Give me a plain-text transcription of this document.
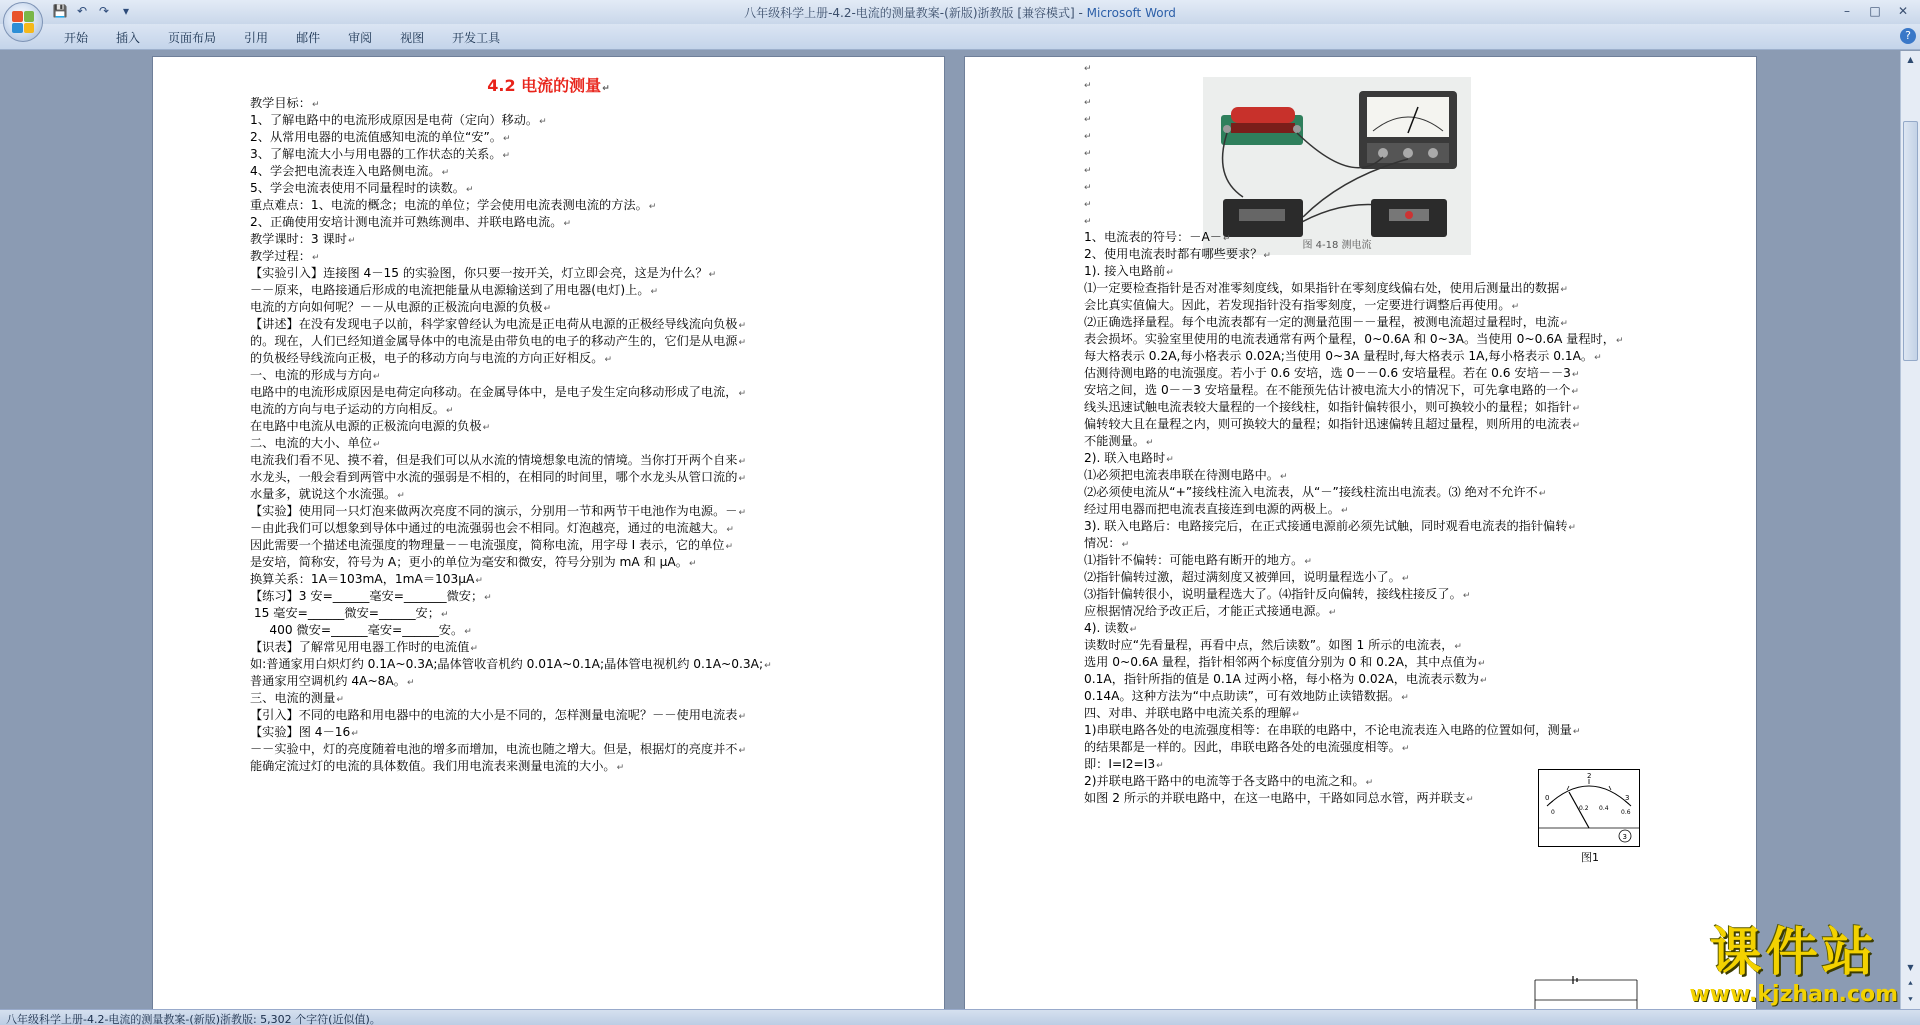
💾 ↶ ↷	▾	八年级科学上册-4.2-电流的测量教案-(新版)浙教版 [兼容模式] - Microsoft Word	–	□	✕
开始	插入	页面布局	引用	邮件	审阅	视图	开发工具	?
4.2 电流的测量↵
教学目标：↵
1、了解电路中的电流形成原因是电荷（定向）移动。↵
2、从常用电器的电流值感知电流的单位“安”。↵
3、了解电流大小与用电器的工作状态的关系。↵
4、学会把电流表连入电路侧电流。↵
5、学会电流表使用不同量程时的读数。↵
重点难点：1、电流的概念；电流的单位；学会使用电流表测电流的方法。↵
2、正确使用安培计测电流并可熟练测串、并联电路电流。↵
教学课时：3 课时↵
教学过程：↵
【实验引入】连接图 4－15 的实验图，你只要一按开关，灯立即会亮，这是为什么？↵
－－原来，电路接通后形成的电流把能量从电源输送到了用电器(电灯)上。↵
电流的方向如何呢？－－从电源的正极流向电源的负极↵
【讲述】在没有发现电子以前，科学家曾经认为电流是正电荷从电源的正极经导线流向负极↵
的。现在，人们已经知道金属导体中的电流是由带负电的电子的移动产生的，它们是从电源↵
的负极经导线流向正极，电子的移动方向与电流的方向正好相反。↵
一、电流的形成与方向↵
电路中的电流形成原因是电荷定向移动。在金属导体中，是电子发生定向移动形成了电流，↵
电流的方向与电子运动的方向相反。↵
在电路中电流从电源的正极流向电源的负极↵
二、电流的大小、单位↵
电流我们看不见、摸不着，但是我们可以从水流的情境想象电流的情境。当你打开两个自来↵
水龙头，一般会看到两管中水流的强弱是不相的，在相同的时间里，哪个水龙头从管口流的↵
水量多，就说这个水流强。↵
【实验】使用同一只灯泡来做两次亮度不同的演示，分别用一节和两节干电池作为电源。－↵
－由此我们可以想象到导体中通过的电流强弱也会不相同。灯泡越亮，通过的电流越大。↵
因此需要一个描述电流强度的物理量－－电流强度，简称电流，用字母 I 表示，它的单位↵
是安培，简称安，符号为 A；更小的单位为毫安和微安，符号分别为 mA 和 μA。↵
换算关系：1A＝103mA，1mA＝103μA↵
【练习】3 安=______毫安=_______微安；↵
15 毫安=______微安=______安；↵
400 微安=______毫安=______安。↵
【识表】了解常见用电器工作时的电流值↵
如:普通家用白炽灯约 0.1A~0.3A;晶体管收音机约 0.01A~0.1A;晶体管电视机约 0.1A~0.3A;↵
普通家用空调机约 4A~8A。↵
三、电流的测量↵
【引入】不同的电路和用电器中的电流的大小是不同的，怎样测量电流呢？－－使用电流表↵
【实验】图 4－16↵
－－实验中，灯的亮度随着电池的增多而增加，电流也随之增大。但是，根据灯的亮度并不↵
能确定流过灯的电流的具体数值。我们用电流表来测量电流的大小。↵
↵
↵
↵
↵
↵
↵
↵
↵
↵
↵
图 4-18 测电流
1、电流表的符号：－A－↵
2、使用电流表时都有哪些要求？↵
1). 接入电路前↵
⑴一定要检查指针是否对准零刻度线，如果指针在零刻度线偏右处，使用后测量出的数据↵
会比真实值偏大。因此，若发现指针没有指零刻度，一定要进行调整后再使用。↵
⑵正确选择量程。每个电流表都有一定的测量范围－－量程，被测电流超过量程时，电流↵
表会损坏。实验室里使用的电流表通常有两个量程，0~0.6A 和 0~3A。当使用 0~0.6A 量程时，↵
每大格表示 0.2A,每小格表示 0.02A;当使用 0~3A 量程时,每大格表示 1A,每小格表示 0.1A。↵
估测待测电路的电流强度。若小于 0.6 安培，选 0－－0.6 安培量程。若在 0.6 安培－－3↵
安培之间，选 0－－3 安培量程。在不能预先估计被电流大小的情况下，可先拿电路的一个↵
线头迅速试触电流表较大量程的一个接线柱，如指针偏转很小，则可换较小的量程；如指针↵
偏转较大且在量程之内，则可换较大的量程；如指针迅速偏转且超过量程，则所用的电流表↵
不能测量。↵
2). 联入电路时↵
⑴必须把电流表串联在待测电路中。↵
⑵必须使电流从“+”接线柱流入电流表，从“－”接线柱流出电流表。⑶ 绝对不允许不↵
经过用电器而把电流表直接连到电源的两极上。↵
3). 联入电路后：电路接完后，在正式接通电源前必须先试触，同时观看电流表的指针偏转↵
情况：↵
⑴指针不偏转：可能电路有断开的地方。↵
⑵指针偏转过激，超过满刻度又被弹回，说明量程选小了。↵
⑶指针偏转很小，说明量程选大了。⑷指针反向偏转，接线柱接反了。↵
应根据情况给予改正后，才能正式接通电源。↵
4). 读数↵
读数时应“先看量程，再看中点，然后读数”。如图 1 所示的电流表，↵
选用 0~0.6A 量程，指针相邻两个标度值分别为 0 和 0.2A，其中点值为↵
0.1A，指针所指的值是 0.1A 过两小格，每小格为 0.02A，电流表示数为↵
0.14A。这种方法为“中点助读”，可有效地防止读错数据。↵
四、对串、并联电路中电流关系的理解↵
1)串联电路各处的电流强度相等：在串联的电路中，不论电流表连入电路的位置如何，测量↵
的结果都是一样的。因此，串联电路各处的电流强度相等。↵
即：I=I2=I3↵
2)并联电路干路中的电流等于各支路中的电流之和。↵
如图 2 所示的并联电路中，在这一电路中，干路如同总水管，两并联支↵	0
2
3
0
0.2 0.4
0.6
3
图1
▲
▼
⯅
⯆
八年级科学上册-4.2-电流的测量教案-(新版)浙教版: 5,302 个字符(近似值)。
课件站
www.kjzhan.com
